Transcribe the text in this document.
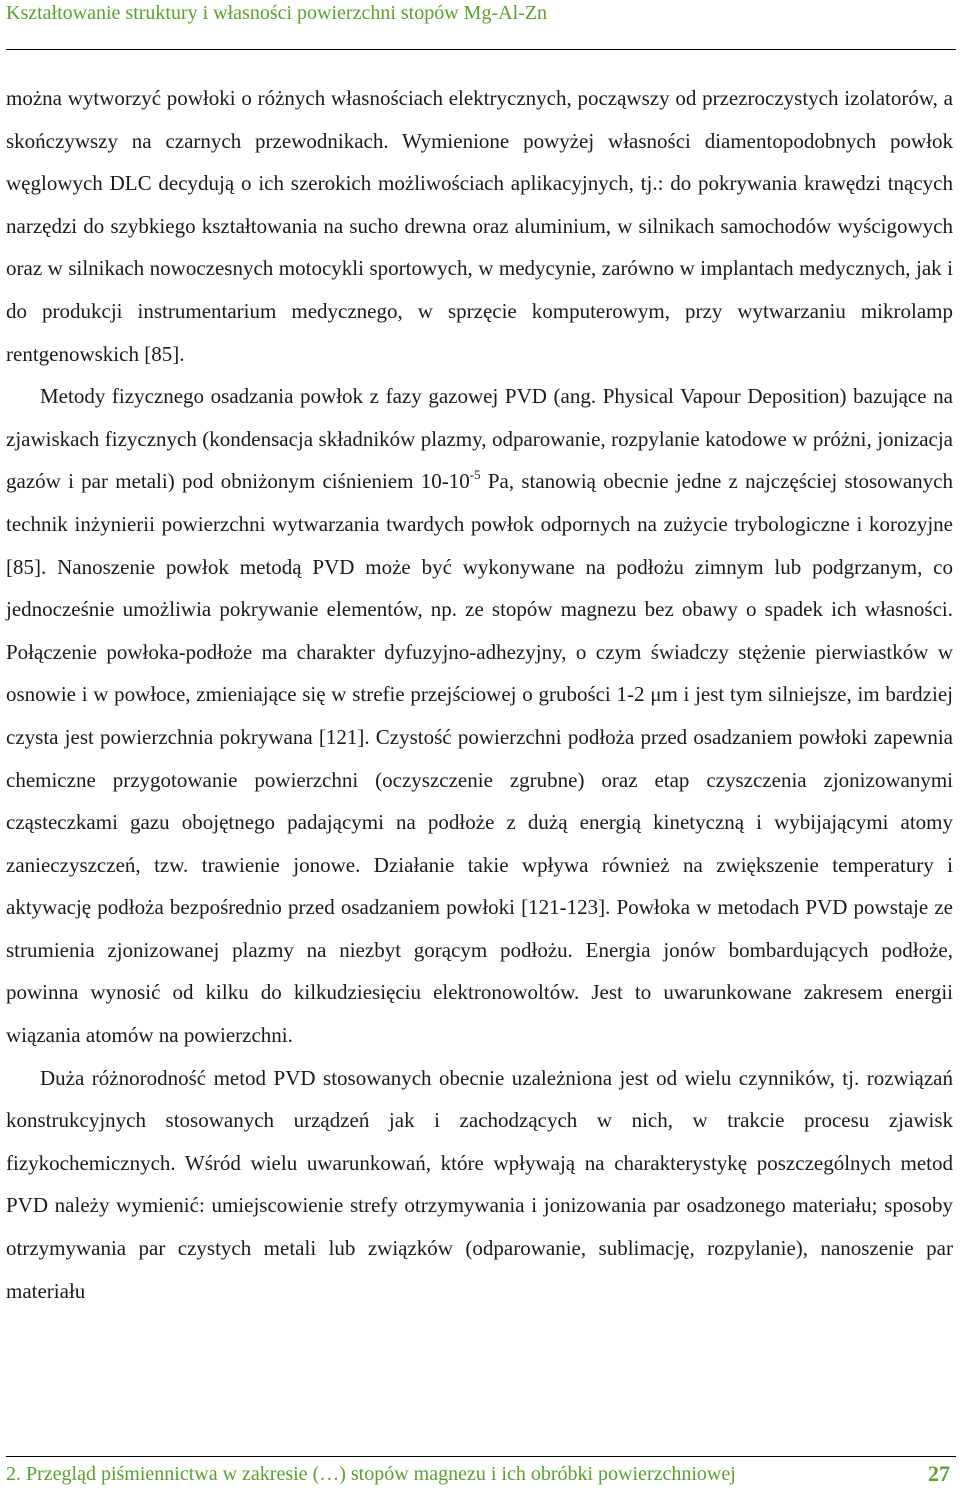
Kształtowanie struktury i własności powierzchni stopów Mg-Al-Zn

można wytworzyć powłoki o różnych własnościach elektrycznych, począwszy od przezroczystych izolatorów, a skończywszy na czarnych przewodnikach. Wymienione powyżej własności diamentopodobnych powłok węglowych DLC decydują o ich szerokich możliwościach aplikacyjnych, tj.: do pokrywania krawędzi tnących narzędzi do szybkiego kształtowania na sucho drewna oraz aluminium, w silnikach samochodów wyścigowych oraz w silnikach nowoczesnych motocykli sportowych, w medycynie, zarówno w implantach medycznych, jak i do produkcji instrumentarium medycznego, w sprzęcie komputerowym, przy wytwarzaniu mikrolamp rentgenowskich [85].

Metody fizycznego osadzania powłok z fazy gazowej PVD (ang. Physical Vapour Deposition) bazujące na zjawiskach fizycznych (kondensacja składników plazmy, odparowanie, rozpylanie katodowe w próżni, jonizacja gazów i par metali) pod obniżonym ciśnieniem $10-10^{-5}$ Pa, stanowią obecnie jedne z najczęściej stosowanych technik inżynierii powierzchni wytwarzania twardych powłok odpornych na zużycie trybologiczne i korozyjne [85]. Nanoszenie powłok metodą PVD może być wykonywane na podłożu zimnym lub podgrzanym, co jednocześnie umożliwia pokrywanie elementów, np. ze stopów magnezu bez obawy o spadek ich własności. Połączenie powłoka-podłoże ma charakter dyfuzyjno-adhezyjny, o czym świadczy stężenie pierwiastków w osnowie i w powłoce, zmieniające się w strefie przejściowej o grubości 1-2 μm i jest tym silniejsze, im bardziej czysta jest powierzchnia pokrywana [121]. Czystość powierzchni podłoża przed osadzaniem powłoki zapewnia chemiczne przygotowanie powierzchni (oczyszczenie zgrubne) oraz etap czyszczenia zjonizowanymi cząsteczkami gazu obojętnego padającymi na podłoże z dużą energią kinetyczną i wybijającymi atomy zanieczyszczeń, tzw. trawienie jonowe. Działanie takie wpływa również na zwiększenie temperatury i aktywację podłoża bezpośrednio przed osadzaniem powłoki [121-123]. Powłoka w metodach PVD powstaje ze strumienia zjonizowanej plazmy na niezbyt gorącym podłożu. Energia jonów bombardujących podłoże, powinna wynosić od kilku do kilkudziesięciu elektronowoltów. Jest to uwarunkowane zakresem energii wiązania atomów na powierzchni.

Duża różnorodność metod PVD stosowanych obecnie uzależniona jest od wielu czynników, tj. rozwiązań konstrukcyjnych stosowanych urządzeń jak i zachodzących w nich, w trakcie procesu zjawisk fizykochemicznych. Wśród wielu uwarunkowań, które wpływają na charakterystykę poszczególnych metod PVD należy wymienić: umiejscowienie strefy otrzymywania i jonizowania par osadzonego materiału; sposoby otrzymywania par czystych metali lub związków (odparowanie, sublimację, rozpylanie), nanoszenie par materiału

2. Przegląd piśmiennictwa w zakresie (…) stopów magnezu i ich obróbki powierzchniowej	27
